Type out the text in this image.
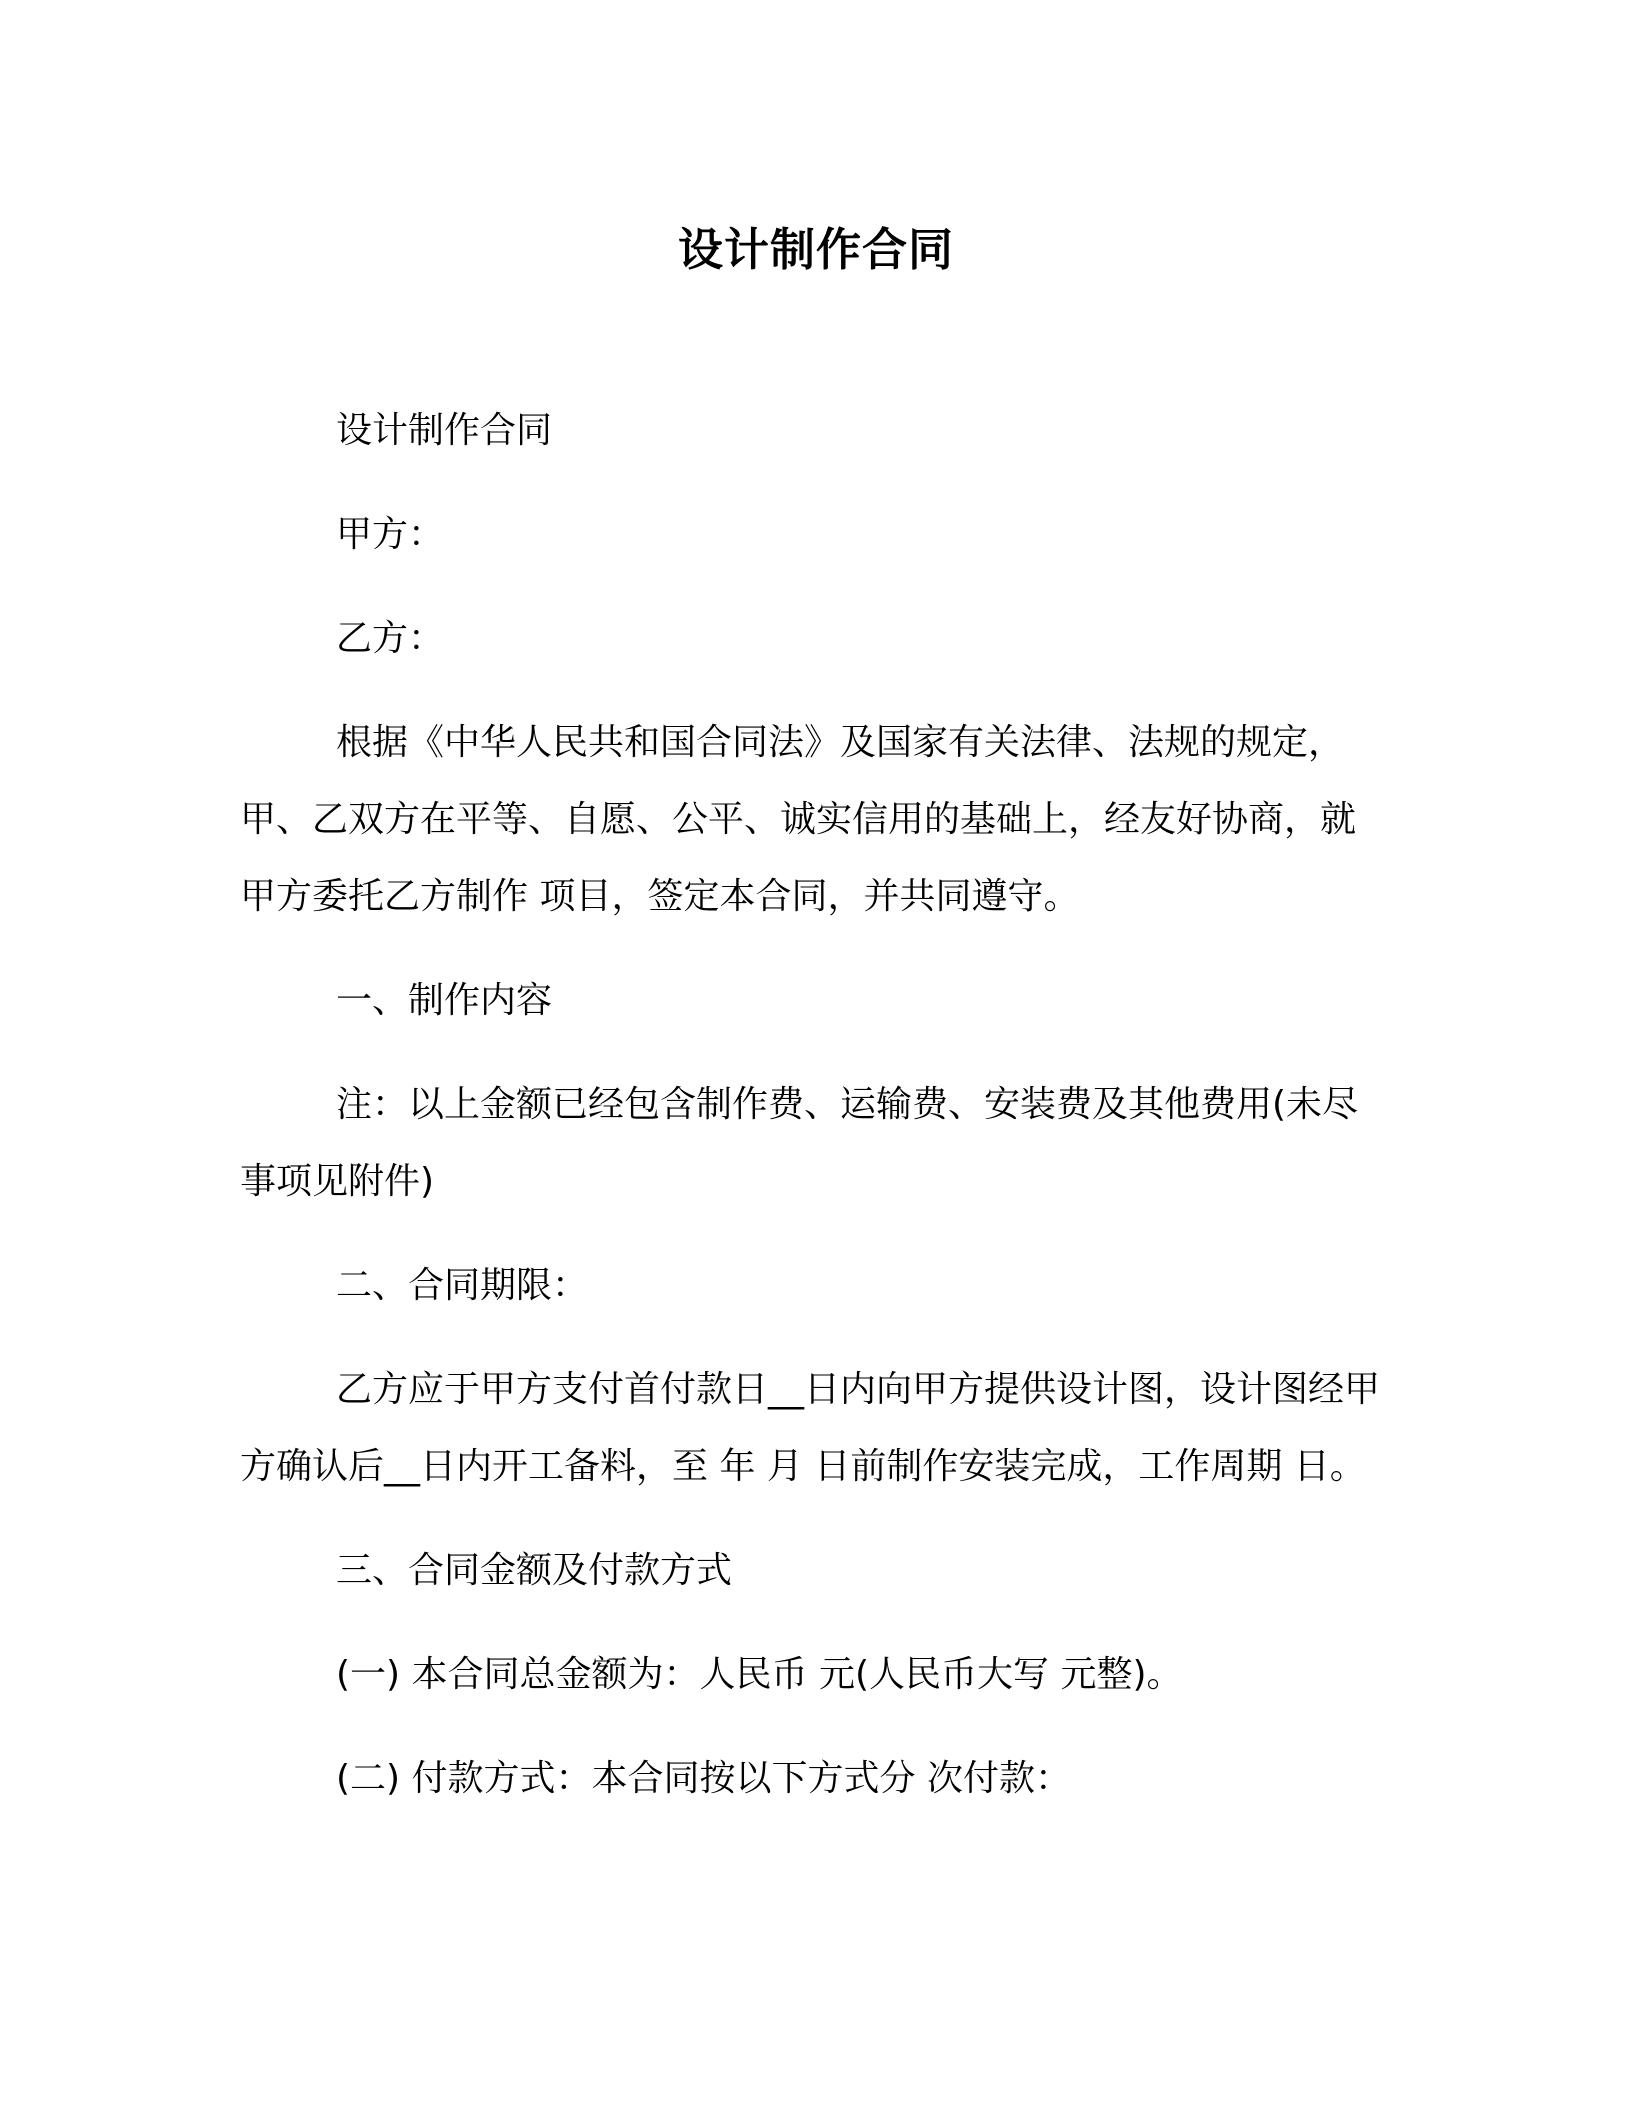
设计制作合同

设计制作合同

甲方：

乙方：

根据《中华人民共和国合同法》及国家有关法律、法规的规定，甲、乙双方在平等、自愿、公平、诚实信用的基础上，经友好协商，就甲方委托乙方制作 项目，签定本合同，并共同遵守。

一、制作内容

注：以上金额已经包含制作费、运输费、安装费及其他费用(未尽事项见附件)

二、合同期限：

乙方应于甲方支付首付款日__日内向甲方提供设计图，设计图经甲方确认后__日内开工备料，至 年 月 日前制作安装完成，工作周期 日。

三、合同金额及付款方式

(一) 本合同总金额为：人民币 元(人民币大写 元整)。

(二) 付款方式：本合同按以下方式分 次付款：
